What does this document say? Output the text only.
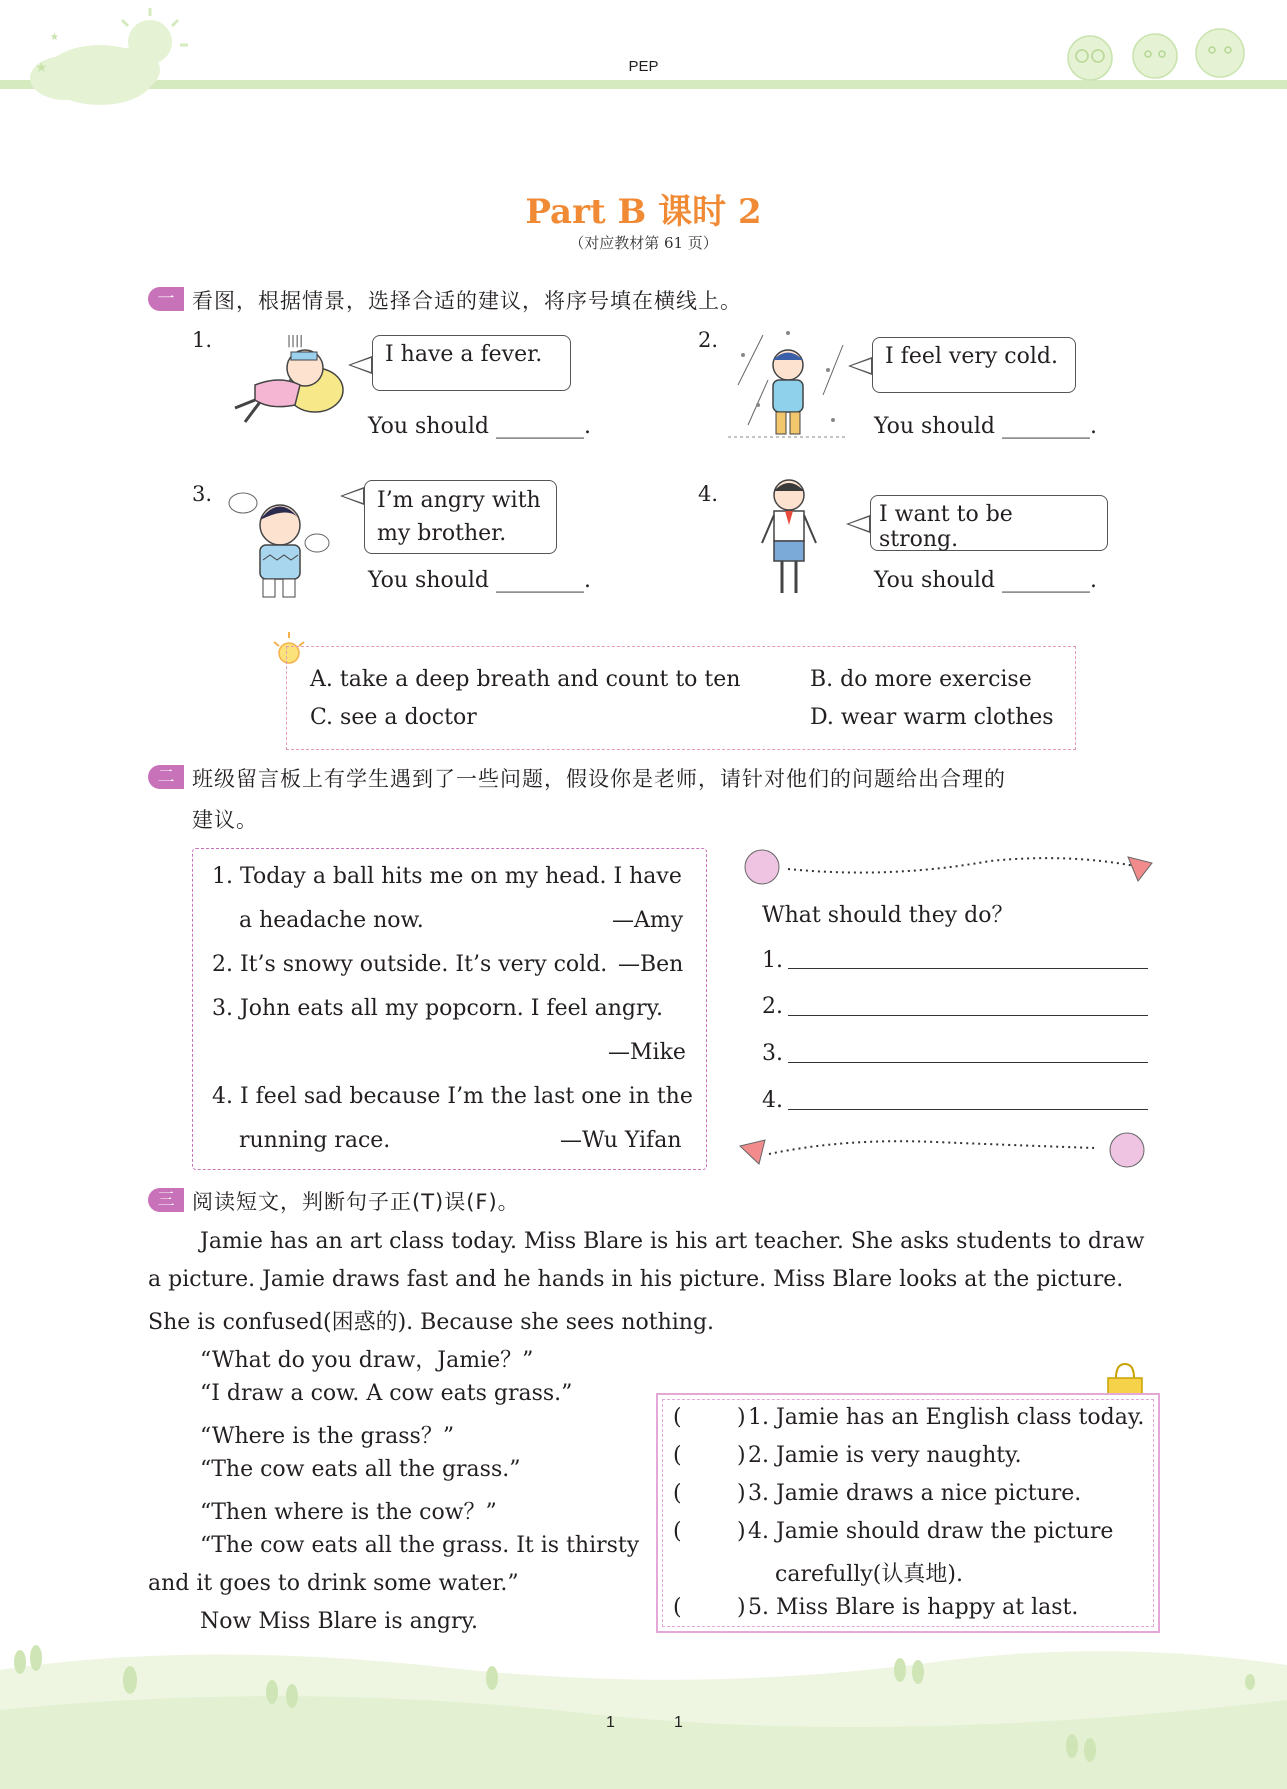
★
★
PEP
Part B 课时 2
（对应教材第 61 页）
一 看图，根据情景，选择合适的建议，将序号填在横线上。
1.	||||
I have a fever.
You should ________.
2.
I feel very cold.
You should ________.
3.	I’m angry with
my brother.
You should ________.
4.
I want to be strong.
You should ________.
A. take a deep breath and count to ten	B. do more exercise
C. see a doctor	D. wear warm clothes
二 班级留言板上有学生遇到了一些问题，假设你是老师，请针对他们的问题给出合理的
建议。
1. Today a ball hits me on my head. I have
a headache now.	—Amy
2. It’s snowy outside. It’s very cold. —Ben
3. John eats all my popcorn. I feel angry.
—Mike
4. I feel sad because I’m the last one in the
running race.	—Wu Yifan
What should they do？
1.
2.
3.
4.
三 阅读短文，判断句子正(T)误(F)。
Jamie has an art class today. Miss Blare is his art teacher. She asks students to draw
a picture. Jamie draws fast and he hands in his picture. Miss Blare looks at the picture.
She is confused(困惑的). Because she sees nothing.
“What do you draw，Jamie？”
“I draw a cow. A cow eats grass.”
“Where is the grass？”
“The cow eats all the grass.”
“Then where is the cow？”
“The cow eats all the grass. It is thirsty
and it goes to drink some water.”
Now Miss Blare is angry.
(	) 1. Jamie has an English class today.
(	) 2. Jamie is very naughty.
(	) 3. Jamie draws a nice picture.
(	) 4. Jamie should draw the picture
carefully(认真地).
(	) 5. Miss Blare is happy at last.
1	1
